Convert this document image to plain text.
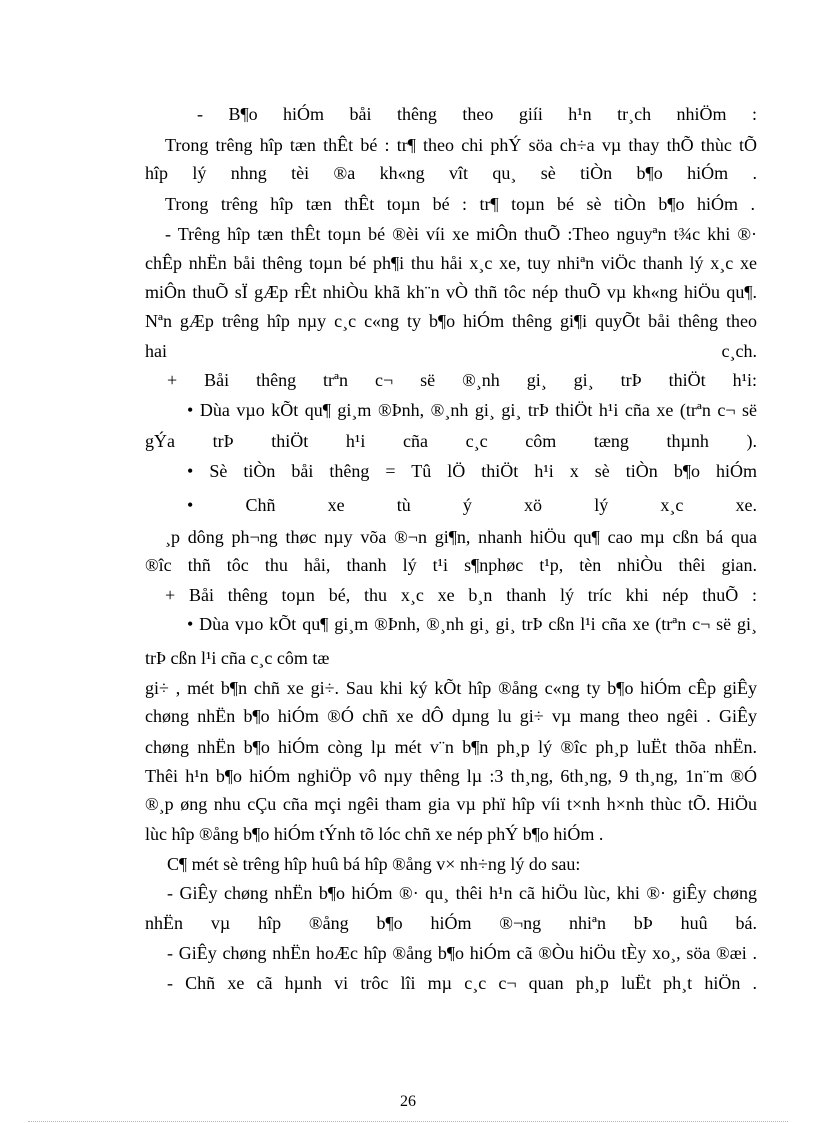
- B¶o hiÓm båi thêng theo giíi h¹n tr¸ch nhiÖm :
Trong trêng hîp tæn thÊt bé : tr¶ theo chi phÝ söa ch÷a vµ thay thÕ thùc tÕ
hîp lý nhng tèi ®a kh«ng vît qu¸ sè tiÒn b¶o hiÓm .
Trong trêng hîp tæn thÊt toµn bé : tr¶ toµn bé sè tiÒn b¶o hiÓm .
- Trêng hîp tæn thÊt toµn bé ®èi víi xe miÔn thuÕ :Theo nguyªn t¾c khi ®·
chÊp nhËn båi thêng toµn bé ph¶i thu håi x¸c xe, tuy nhiªn viÖc thanh lý x¸c xe
miÔn thuÕ sÏ gÆp rÊt nhiÒu khã kh¨n vÒ thñ tôc nép thuÕ vµ kh«ng hiÖu qu¶.
Nªn gÆp trêng hîp nµy c¸c c«ng ty b¶o hiÓm thêng gi¶i quyÕt båi thêng theo
hai	c¸ch.
+ Båi thêng trªn c¬ së ®¸nh gi¸ gi¸ trÞ thiÖt h¹i:
• Dùa vµo kÕt qu¶ gi¸m ®Þnh, ®¸nh gi¸ gi¸ trÞ thiÖt h¹i cña xe (trªn c¬ së
gÝa trÞ thiÖt h¹i cña c¸c côm tæng thµnh ).
• Sè tiÒn båi thêng = Tû lÖ thiÖt h¹i x sè tiÒn b¶o hiÓm
• Chñ xe tù ý xö lý x¸c xe.
¸p dông ph¬ng thøc nµy võa ®¬n gi¶n, nhanh hiÖu qu¶ cao mµ cßn bá qua
®îc thñ tôc thu håi, thanh lý t¹i s¶nphøc t¹p, tèn nhiÒu thêi gian.
+ Båi thêng toµn bé, thu x¸c xe b¸n thanh lý tríc khi nép thuÕ :
• Dùa vµo kÕt qu¶ gi¸m ®Þnh, ®¸nh gi¸ gi¸ trÞ cßn l¹i cña xe (trªn c¬ së gi¸
trÞ cßn l¹i cña c¸c côm tæ
gi÷ , mét b¶n chñ xe gi÷. Sau khi ký kÕt hîp ®ång c«ng ty b¶o hiÓm cÊp giÊy
chøng nhËn b¶o hiÓm ®Ó chñ xe dÔ dµng lu gi÷ vµ mang theo ngêi . GiÊy
chøng nhËn b¶o hiÓm còng lµ mét v¨n b¶n ph¸p lý ®îc ph¸p luËt thõa nhËn.
Thêi h¹n b¶o hiÓm nghiÖp vô nµy thêng lµ :3 th¸ng, 6th¸ng, 9 th¸ng, 1n¨m ®Ó
®¸p øng nhu cÇu cña mçi ngêi tham gia vµ phï hîp víi t×nh h×nh thùc tÕ. HiÖu
lùc hîp ®ång b¶o hiÓm tÝnh tõ lóc chñ xe nép phÝ b¶o hiÓm .
C¶ mét sè trêng hîp huû bá hîp ®ång v× nh÷ng lý do sau:
- GiÊy chøng nhËn b¶o hiÓm ®· qu¸ thêi h¹n cã hiÖu lùc, khi ®· giÊy chøng
nhËn vµ hîp ®ång b¶o hiÓm ®¬ng nhiªn bÞ huû bá.
- GiÊy chøng nhËn hoÆc hîp ®ång b¶o hiÓm cã ®Òu hiÖu tÈy xo¸, söa ®æi .
- Chñ xe cã hµnh vi trôc lîi mµ c¸c c¬ quan ph¸p luËt ph¸t hiÖn .
26
